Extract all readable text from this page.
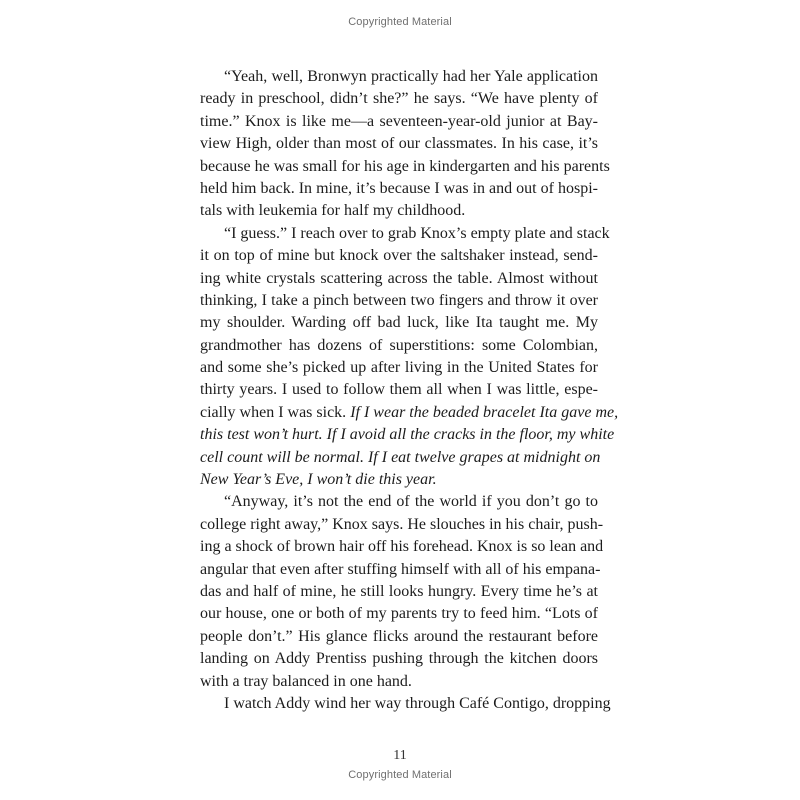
Copyrighted Material
“Yeah, well, Bronwyn practically had her Yale application
ready in preschool, didn’t she?” he says. “We have plenty of
time.” Knox is like me—a seventeen-year-old junior at Bay-
view High, older than most of our classmates. In his case, it’s
because he was small for his age in kindergarten and his parents
held him back. In mine, it’s because I was in and out of hospi-
tals with leukemia for half my childhood.
“I guess.” I reach over to grab Knox’s empty plate and stack
it on top of mine but knock over the saltshaker instead, send-
ing white crystals scattering across the table. Almost without
thinking, I take a pinch between two fingers and throw it over
my shoulder. Warding off bad luck, like Ita taught me. My
grandmother has dozens of superstitions: some Colombian,
and some she’s picked up after living in the United States for
thirty years. I used to follow them all when I was little, espe-
cially when I was sick. If I wear the beaded bracelet Ita gave me,
this test won’t hurt. If I avoid all the cracks in the floor, my white
cell count will be normal. If I eat twelve grapes at midnight on
New Year’s Eve, I won’t die this year.
“Anyway, it’s not the end of the world if you don’t go to
college right away,” Knox says. He slouches in his chair, push-
ing a shock of brown hair off his forehead. Knox is so lean and
angular that even after stuffing himself with all of his empana-
das and half of mine, he still looks hungry. Every time he’s at
our house, one or both of my parents try to feed him. “Lots of
people don’t.” His glance flicks around the restaurant before
landing on Addy Prentiss pushing through the kitchen doors
with a tray balanced in one hand.
I watch Addy wind her way through Café Contigo, dropping
11
Copyrighted Material
